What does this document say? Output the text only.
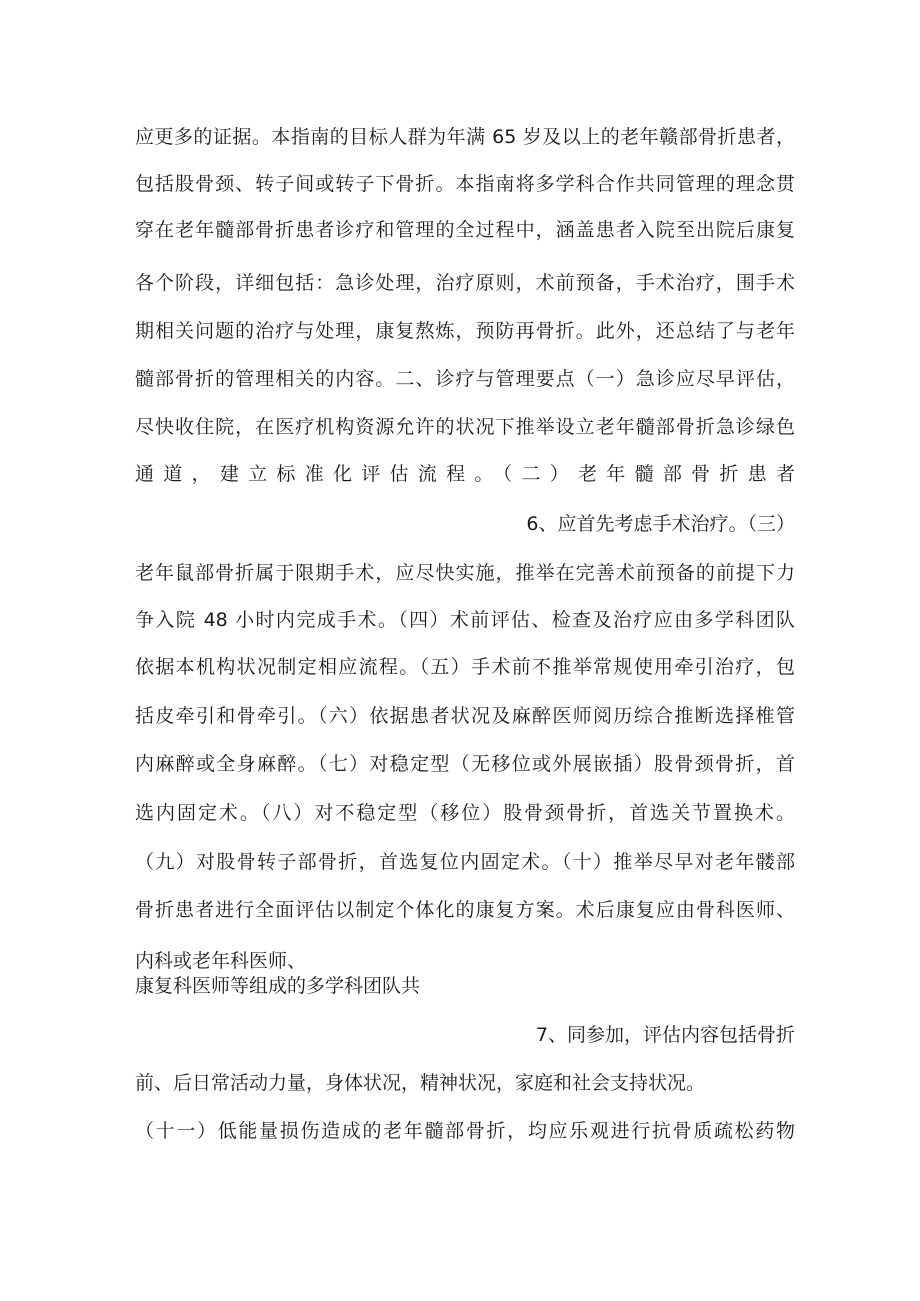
应更多的证据。本指南的目标人群为年满 65 岁及以上的老年赣部骨折患者，
包括股骨颈、转子间或转子下骨折。本指南将多学科合作共同管理的理念贯
穿在老年髓部骨折患者诊疗和管理的全过程中，涵盖患者入院至出院后康复
各个阶段，详细包括：急诊处理，治疗原则，术前预备，手术治疗，围手术
期相关问题的治疗与处理，康复熬炼，预防再骨折。此外，还总结了与老年
髓部骨折的管理相关的内容。二、诊疗与管理要点（一）急诊应尽早评估，
尽快收住院，在医疗机构资源允许的状况下推举设立老年髓部骨折急诊绿色
通道，建立标准化评估流程。（二）老年髓部骨折患者
6、应首先考虑手术治疗。（三）
老年鼠部骨折属于限期手术，应尽快实施，推举在完善术前预备的前提下力
争入院 48 小时内完成手术。（四）术前评估、检查及治疗应由多学科团队
依据本机构状况制定相应流程。（五）手术前不推举常规使用牵引治疗，包
括皮牵引和骨牵引。（六）依据患者状况及麻醉医师阅历综合推断选择椎管
内麻醉或全身麻醉。（七）对稳定型（无移位或外展嵌插）股骨颈骨折，首
选内固定术。（八）对不稳定型（移位）股骨颈骨折，首选关节置换术。
（九）对股骨转子部骨折，首选复位内固定术。（十）推举尽早对老年髅部
骨折患者进行全面评估以制定个体化的康复方案。术后康复应由骨科医师、
内科或老年科医师、
康复科医师等组成的多学科团队共
7、同参加，评估内容包括骨折
前、后日常活动力量，身体状况，精神状况，家庭和社会支持状况。
（十一）低能量损伤造成的老年髓部骨折，均应乐观进行抗骨质疏松药物
